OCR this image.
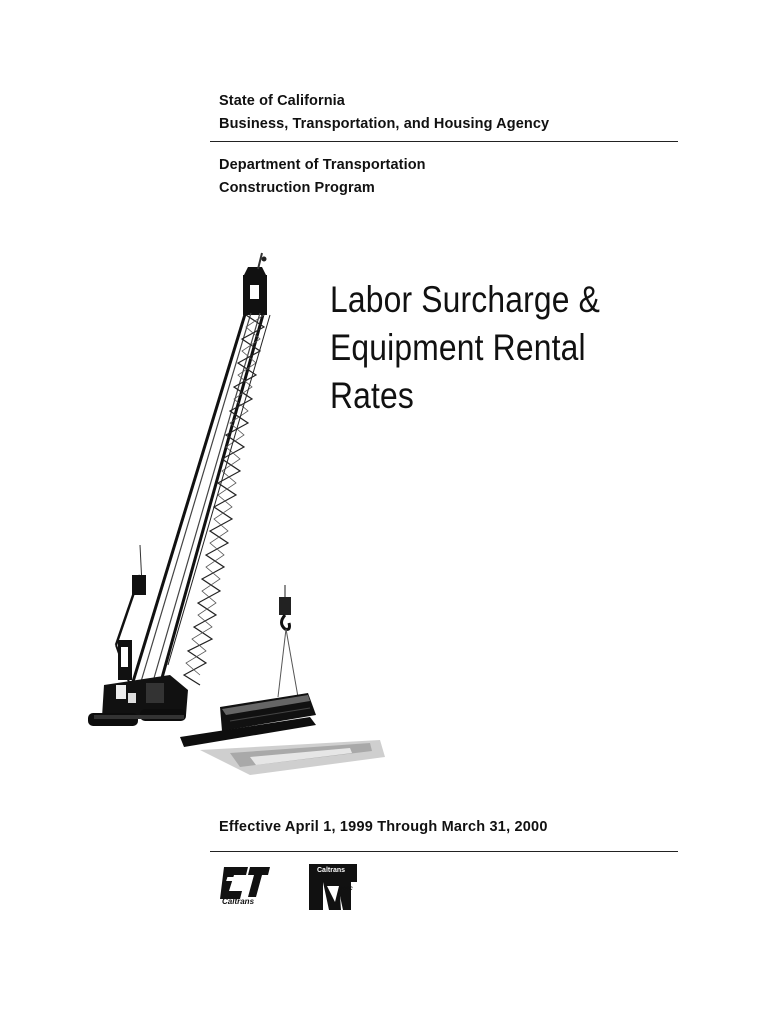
State of California
Business, Transportation, and Housing Agency
Department of Transportation
Construction Program
Labor Surcharge &
Equipment Rental
Rates
Effective April 1, 1999 Through March 31, 2000
Caltrans
Caltrans
etric
